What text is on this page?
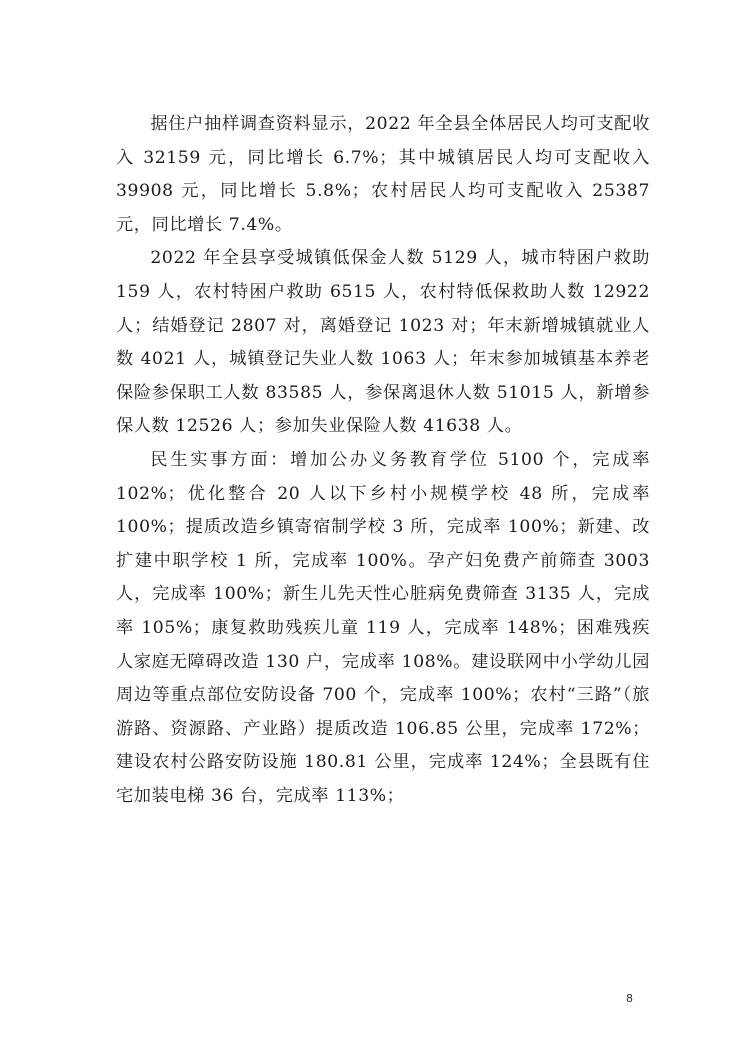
据住户抽样调查资料显示，2022 年全县全体居民人均可支配收入 32159 元，同比增长 6.7%；其中城镇居民人均可支配收入 39908 元，同比增长 5.8%；农村居民人均可支配收入 25387 元，同比增长 7.4%。

2022 年全县享受城镇低保金人数 5129 人，城市特困户救助 159 人，农村特困户救助 6515 人，农村特低保救助人数 12922 人；结婚登记 2807 对，离婚登记 1023 对；年末新增城镇就业人数 4021 人，城镇登记失业人数 1063 人；年末参加城镇基本养老保险参保职工人数 83585 人，参保离退休人数 51015 人，新增参保人数 12526 人；参加失业保险人数 41638 人。

民生实事方面：增加公办义务教育学位 5100 个，完成率 102%；优化整合 20 人以下乡村小规模学校 48 所，完成率 100%；提质改造乡镇寄宿制学校 3 所，完成率 100%；新建、改扩建中职学校 1 所，完成率 100%。孕产妇免费产前筛查 3003 人，完成率 100%；新生儿先天性心脏病免费筛查 3135 人，完成率 105%；康复救助残疾儿童 119 人，完成率 148%；困难残疾人家庭无障碍改造 130 户，完成率 108%。建设联网中小学幼儿园周边等重点部位安防设备 700 个，完成率 100%；农村“三路”（旅游路、资源路、产业路）提质改造 106.85 公里，完成率 172%；建设农村公路安防设施 180.81 公里，完成率 124%；全县既有住宅加装电梯 36 台，完成率 113%；

8
